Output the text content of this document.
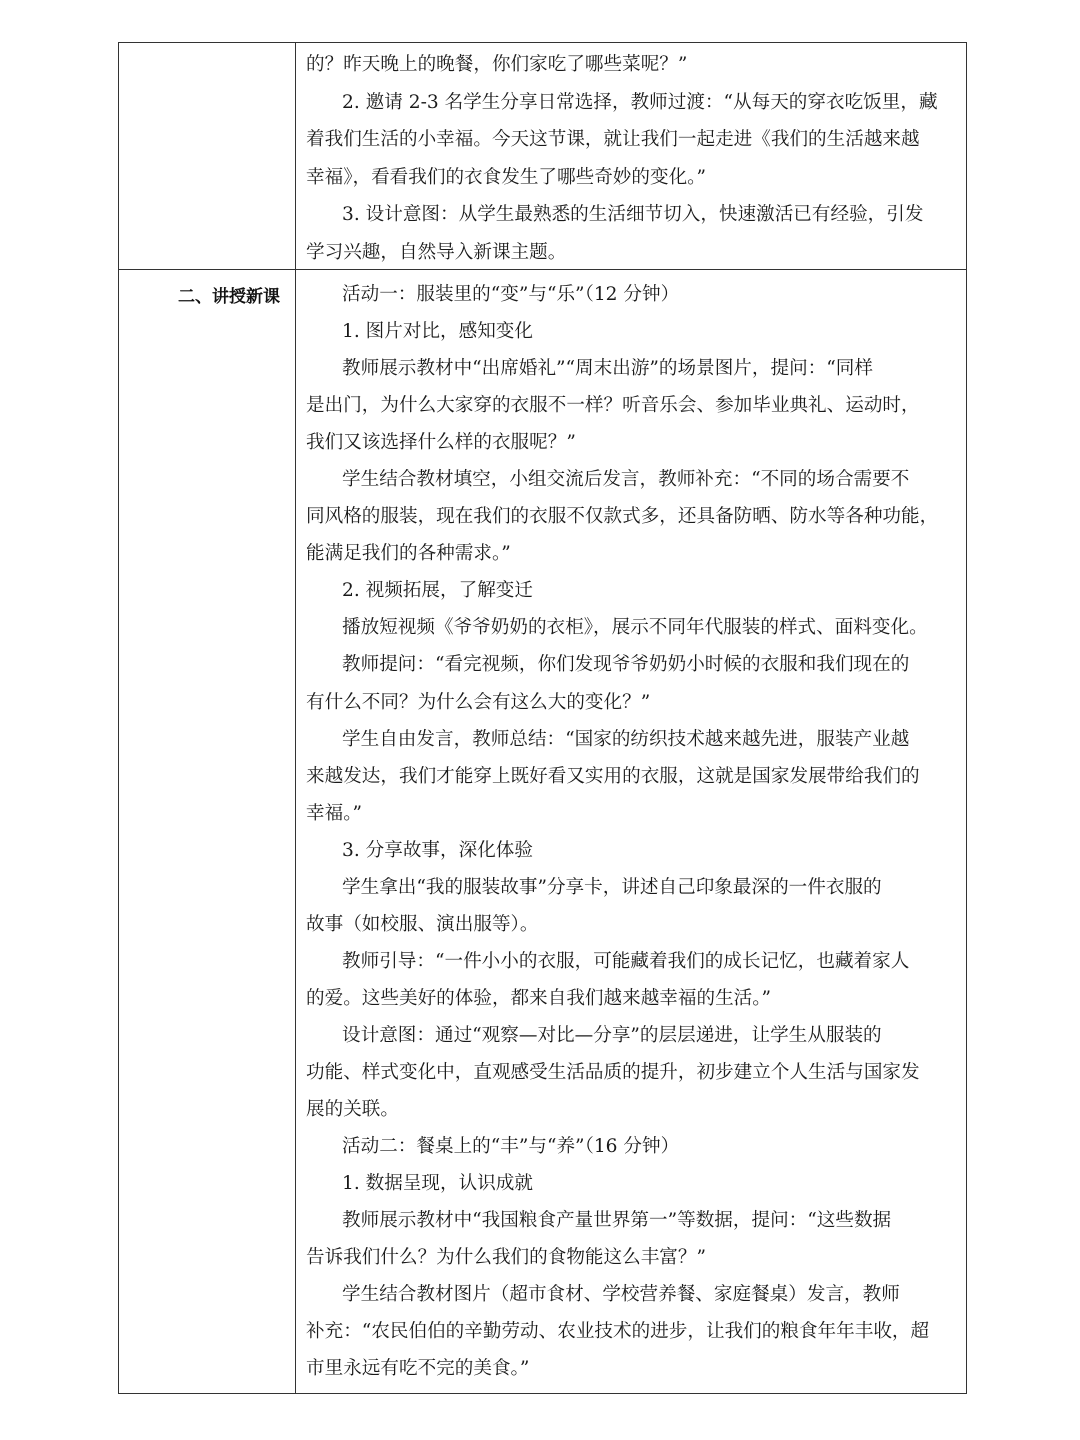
的？昨天晚上的晚餐，你们家吃了哪些菜呢？”
2. 邀请 2-3 名学生分享日常选择，教师过渡：“从每天的穿衣吃饭里，藏
着我们生活的小幸福。今天这节课，就让我们一起走进《我们的生活越来越
幸福》，看看我们的衣食发生了哪些奇妙的变化。”
3. 设计意图：从学生最熟悉的生活细节切入，快速激活已有经验，引发
学习兴趣，自然导入新课主题。
二、讲授新课	活动一：服装里的“变”与“乐”（12 分钟）
1. 图片对比，感知变化
教师展示教材中“出席婚礼”“周末出游”的场景图片，提问：“同样
是出门，为什么大家穿的衣服不一样？听音乐会、参加毕业典礼、运动时，
我们又该选择什么样的衣服呢？”
学生结合教材填空，小组交流后发言，教师补充：“不同的场合需要不
同风格的服装，现在我们的衣服不仅款式多，还具备防晒、防水等各种功能，
能满足我们的各种需求。”
2. 视频拓展，了解变迁
播放短视频《爷爷奶奶的衣柜》，展示不同年代服装的样式、面料变化。
教师提问：“看完视频，你们发现爷爷奶奶小时候的衣服和我们现在的
有什么不同？为什么会有这么大的变化？”
学生自由发言，教师总结：“国家的纺织技术越来越先进，服装产业越
来越发达，我们才能穿上既好看又实用的衣服，这就是国家发展带给我们的
幸福。”
3. 分享故事，深化体验
学生拿出“我的服装故事”分享卡，讲述自己印象最深的一件衣服的
故事（如校服、演出服等）。
教师引导：“一件小小的衣服，可能藏着我们的成长记忆，也藏着家人
的爱。这些美好的体验，都来自我们越来越幸福的生活。”
设计意图：通过“观察—对比—分享”的层层递进，让学生从服装的
功能、样式变化中，直观感受生活品质的提升，初步建立个人生活与国家发
展的关联。
活动二：餐桌上的“丰”与“养”（16 分钟）
1. 数据呈现，认识成就
教师展示教材中“我国粮食产量世界第一”等数据，提问：“这些数据
告诉我们什么？为什么我们的食物能这么丰富？”
学生结合教材图片（超市食材、学校营养餐、家庭餐桌）发言，教师
补充：“农民伯伯的辛勤劳动、农业技术的进步，让我们的粮食年年丰收，超
市里永远有吃不完的美食。”
